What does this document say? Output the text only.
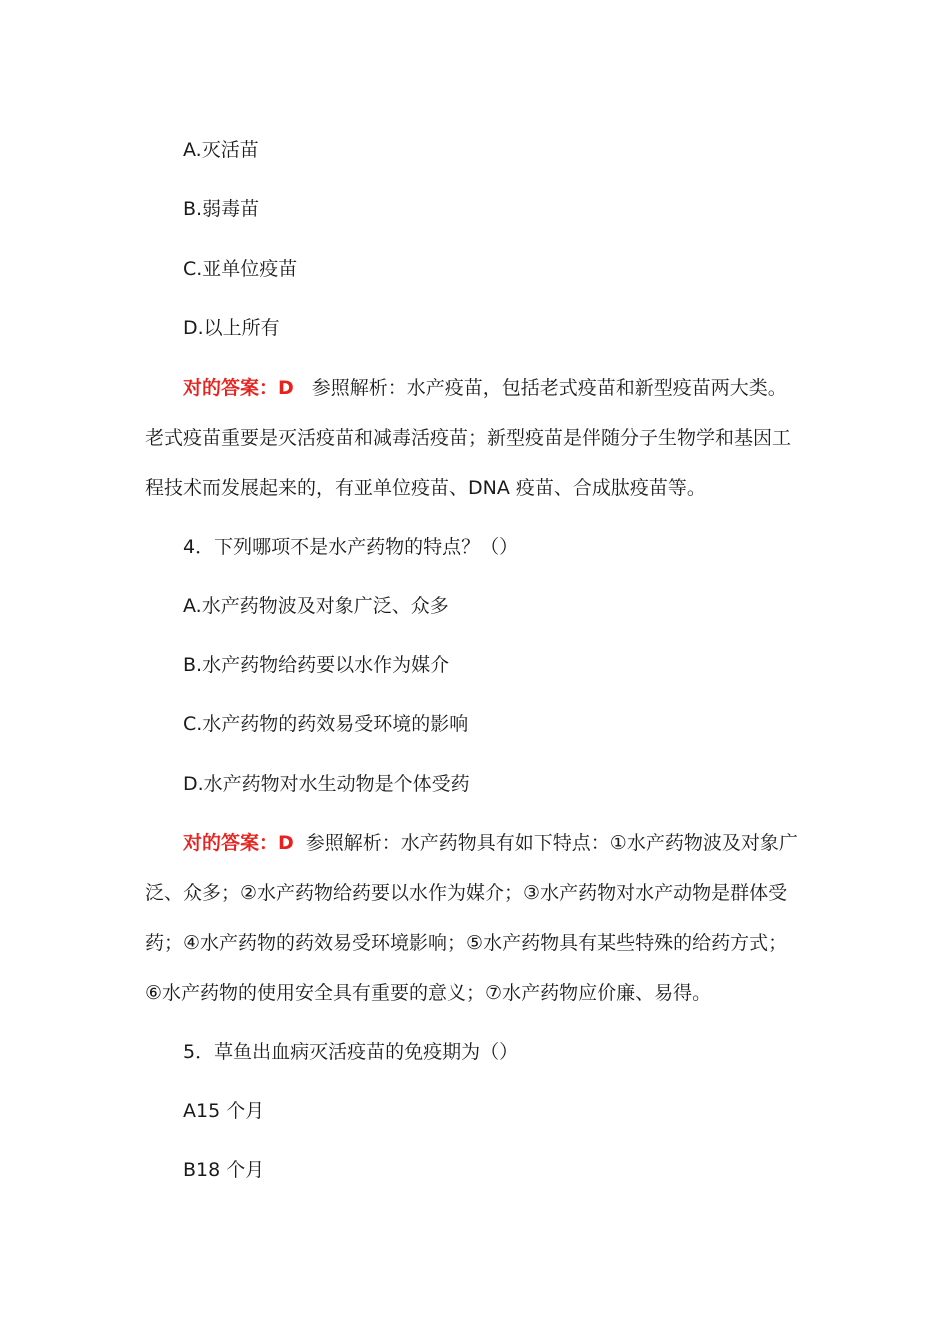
A.灭活苗
B.弱毒苗
C.亚单位疫苗
D.以上所有
对的答案：D 参照解析：水产疫苗，包括老式疫苗和新型疫苗两大类。
老式疫苗重要是灭活疫苗和减毒活疫苗；新型疫苗是伴随分子生物学和基因工
程技术而发展起来的，有亚单位疫苗、DNA 疫苗、合成肽疫苗等。
4．下列哪项不是水产药物的特点？（）
A.水产药物波及对象广泛、众多
B.水产药物给药要以水作为媒介
C.水产药物的药效易受环境的影响
D.水产药物对水生动物是个体受药
对的答案：D 参照解析：水产药物具有如下特点：①水产药物波及对象广
泛、众多；②水产药物给药要以水作为媒介；③水产药物对水产动物是群体受
药；④水产药物的药效易受环境影响；⑤水产药物具有某些特殊的给药方式；
⑥水产药物的使用安全具有重要的意义；⑦水产药物应价廉、易得。
5．草鱼出血病灭活疫苗的免疫期为（）
A15 个月
B18 个月
